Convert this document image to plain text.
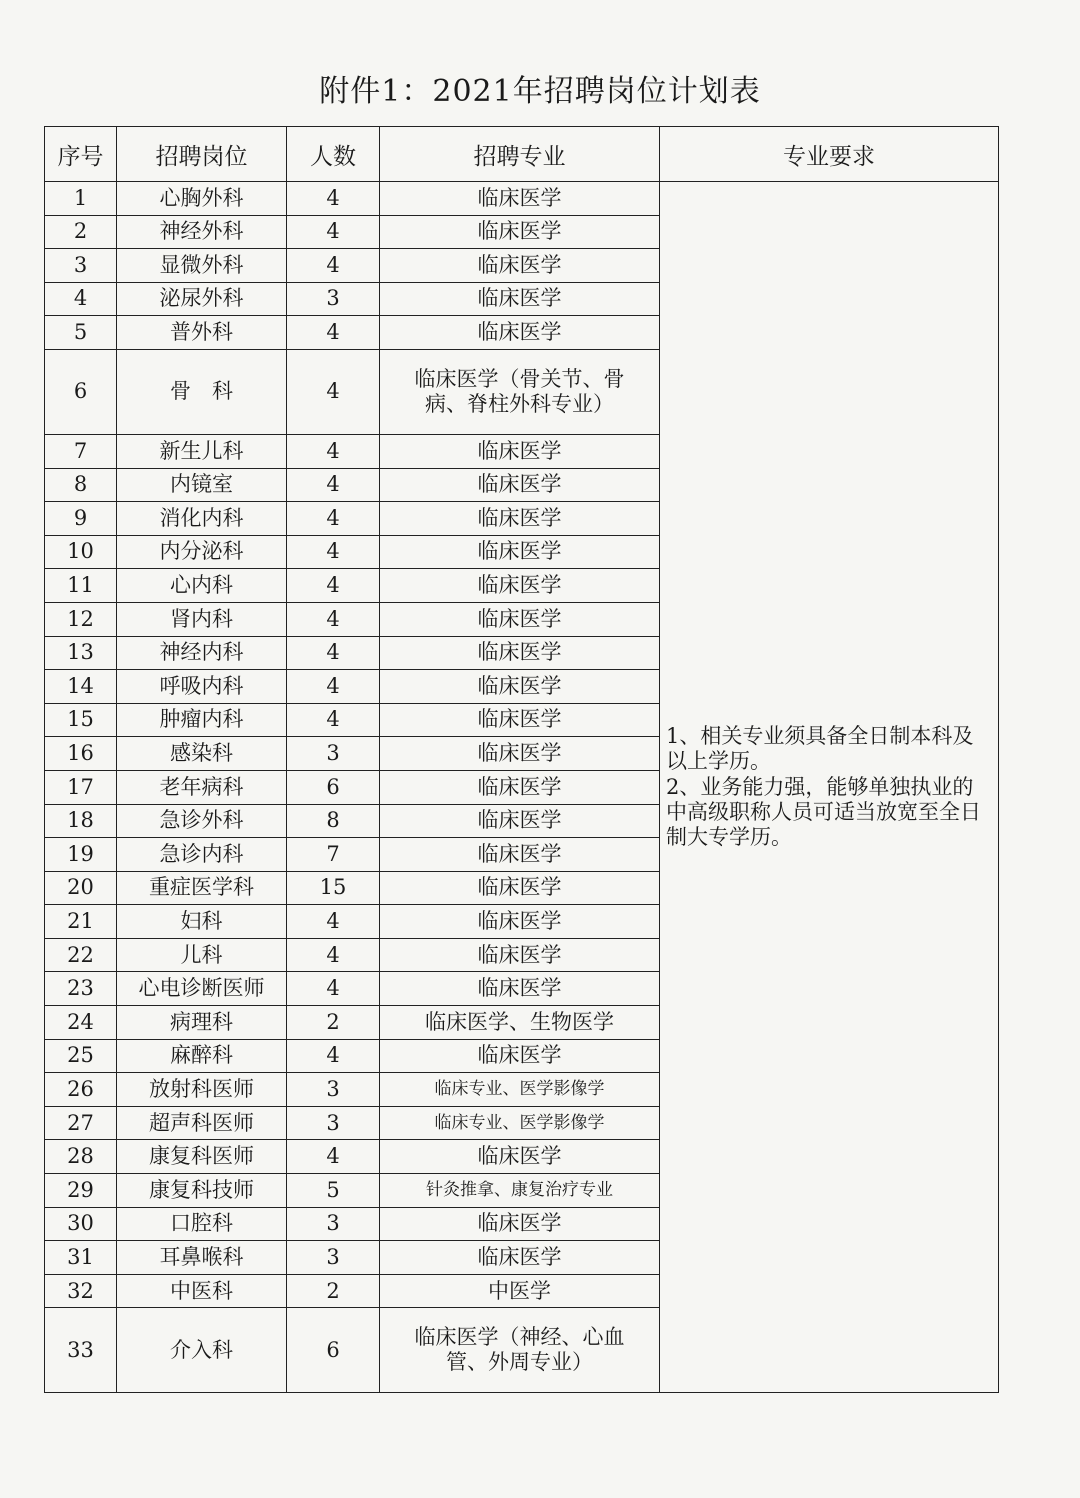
附件1：2021年招聘岗位计划表
序号	招聘岗位	人数	招聘专业	专业要求
1	心胸外科	4	临床医学	1、相关专业须具备全日制本科及以上学历。
2、业务能力强，能够单独执业的中高级职称人员可适当放宽至全日制大专学历。

2	神经外科	4	临床医学	
3	显微外科	4	临床医学	
4	泌尿外科	3	临床医学	
5	普外科	4	临床医学	
6	骨　科	4	临床医学（骨关节、骨病、脊柱外科专业）	
7	新生儿科	4	临床医学	
8	内镜室	4	临床医学	
9	消化内科	4	临床医学	
10	内分泌科	4	临床医学	
11	心内科	4	临床医学	
12	肾内科	4	临床医学	
13	神经内科	4	临床医学	
14	呼吸内科	4	临床医学	
15	肿瘤内科	4	临床医学	
16	感染科	3	临床医学	
17	老年病科	6	临床医学	
18	急诊外科	8	临床医学	
19	急诊内科	7	临床医学	
20	重症医学科	15	临床医学	
21	妇科	4	临床医学	
22	儿科	4	临床医学	
23	心电诊断医师	4	临床医学	
24	病理科	2	临床医学、生物医学	
25	麻醉科	4	临床医学	
26	放射科医师	3	临床专业、医学影像学	
27	超声科医师	3	临床专业、医学影像学	
28	康复科医师	4	临床医学	
29	康复科技师	5	针灸推拿、康复治疗专业	
30	口腔科	3	临床医学	
31	耳鼻喉科	3	临床医学	
32	中医科	2	中医学	
33	介入科	6	临床医学（神经、心血管、外周专业）	
